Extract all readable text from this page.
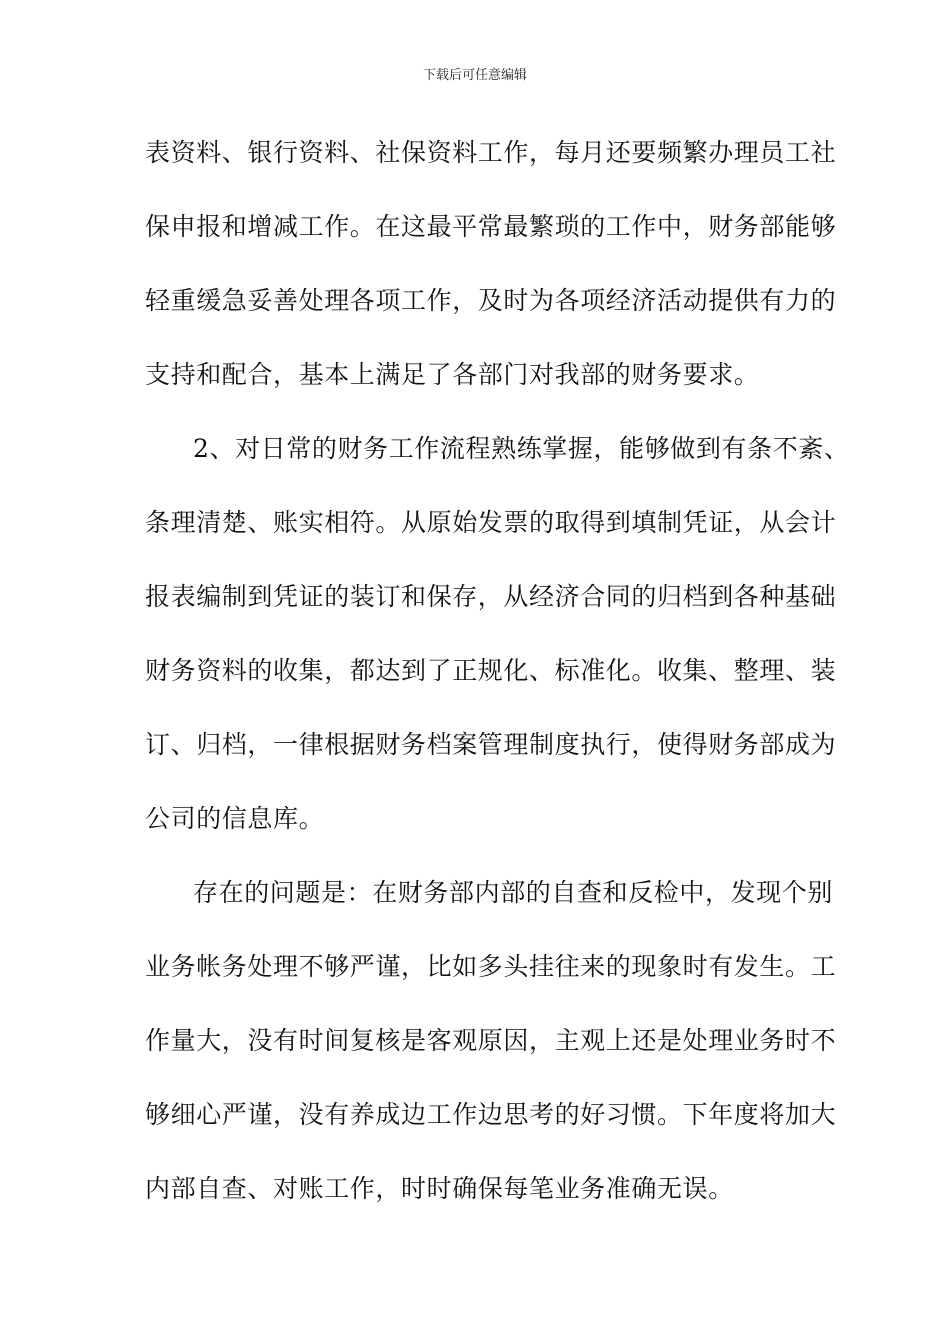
下载后可任意编辑
表资料、银行资料、社保资料工作，每月还要频繁办理员工社
保申报和增减工作。在这最平常最繁琐的工作中，财务部能够
轻重缓急妥善处理各项工作，及时为各项经济活动提供有力的
支持和配合，基本上满足了各部门对我部的财务要求。
2、对日常的财务工作流程熟练掌握，能够做到有条不紊、
条理清楚、账实相符。从原始发票的取得到填制凭证，从会计
报表编制到凭证的装订和保存，从经济合同的归档到各种基础
财务资料的收集，都达到了正规化、标准化。收集、整理、装
订、归档，一律根据财务档案管理制度执行，使得财务部成为
公司的信息库。
存在的问题是：在财务部内部的自查和反检中，发现个别
业务帐务处理不够严谨，比如多头挂往来的现象时有发生。工
作量大，没有时间复核是客观原因，主观上还是处理业务时不
够细心严谨，没有养成边工作边思考的好习惯。下年度将加大
内部自查、对账工作，时时确保每笔业务准确无误。
